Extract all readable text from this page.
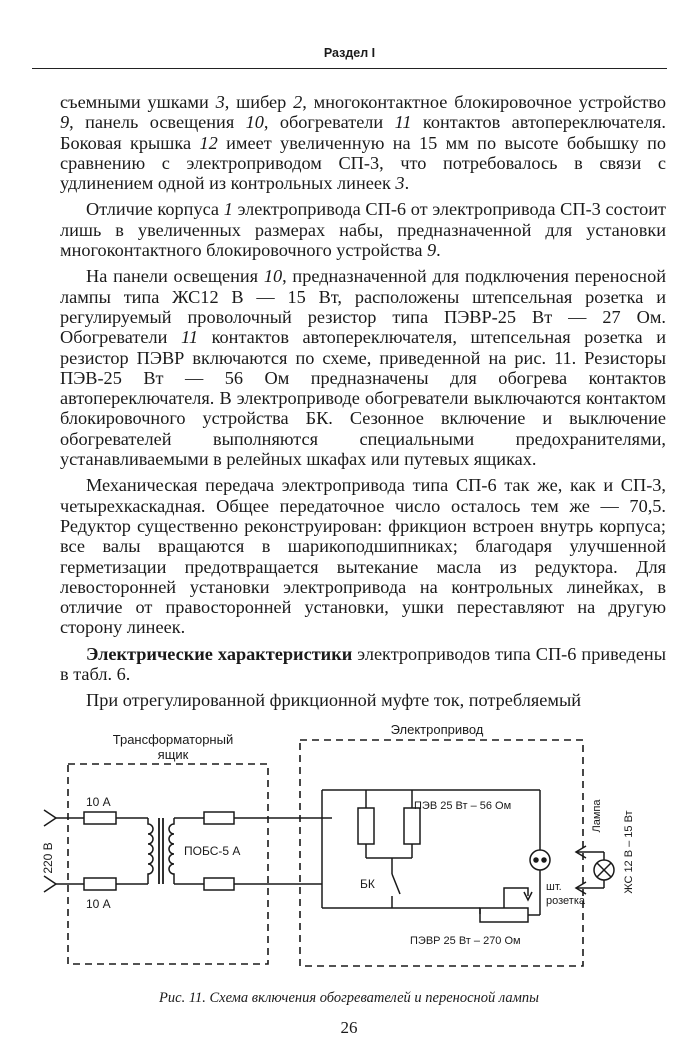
Раздел I

съемными ушками 3, шибер 2, многоконтактное блокировочное устройство 9, панель освещения 10, обогреватели 11 контактов автопереключателя. Боковая крышка 12 имеет увеличенную на 15 мм по высоте бобышку по сравнению с электроприводом СП-3, что потребовалось в связи с удлинением одной из контрольных линеек 3.

Отличие корпуса 1 электропривода СП-6 от электропривода СП-3 состоит лишь в увеличенных размерах набы, предназначенной для установки многоконтактного блокировочного устройства 9.

На панели освещения 10, предназначенной для подключения переносной лампы типа ЖС12 В — 15 Вт, расположены штепсельная розетка и регулируемый проволочный резистор типа ПЭВР-25 Вт — 27 Ом. Обогреватели 11 контактов автопереключателя, штепсельная розетка и резистор ПЭВР включаются по схеме, приведенной на рис. 11. Резисторы ПЭВ-25 Вт — 56 Ом предназначены для обогрева контактов автопереключателя. В электроприводе обогреватели выключаются контактом блокировочного устройства БК. Сезонное включение и выключение обогревателей выполняются специальными предохранителями, устанавливаемыми в релейных шкафах или путевых ящиках.

Механическая передача электропривода типа СП-6 так же, как и СП-3, четырехкаскадная. Общее передаточное число осталось тем же — 70,5. Редуктор существенно реконструирован: фрикцион встроен внутрь корпуса; все валы вращаются в шарикоподшипниках; благодаря улучшенной герметизации предотвращается вытекание масла из редуктора. Для левосторонней установки электропривода на контрольных линейках, в отличие от правосторонней установки, ушки переставляют на другую сторону линеек.

Электрические характеристики электроприводов типа СП-6 приведены в табл. 6.

При отрегулированной фрикционной муфте ток, потребляемый

Трансформаторный
ящик
Электропривод
10 А
10 А
220 В	ПОБС-5 А
ПЭВ 25 Вт – 56 Ом
БК	шт.
розетка
ПЭВР 25 Вт – 270 Ом
Лампа ЖС 12 В – 15 Вт
Рис. 11. Схема включения обогревателей и переносной лампы
26
